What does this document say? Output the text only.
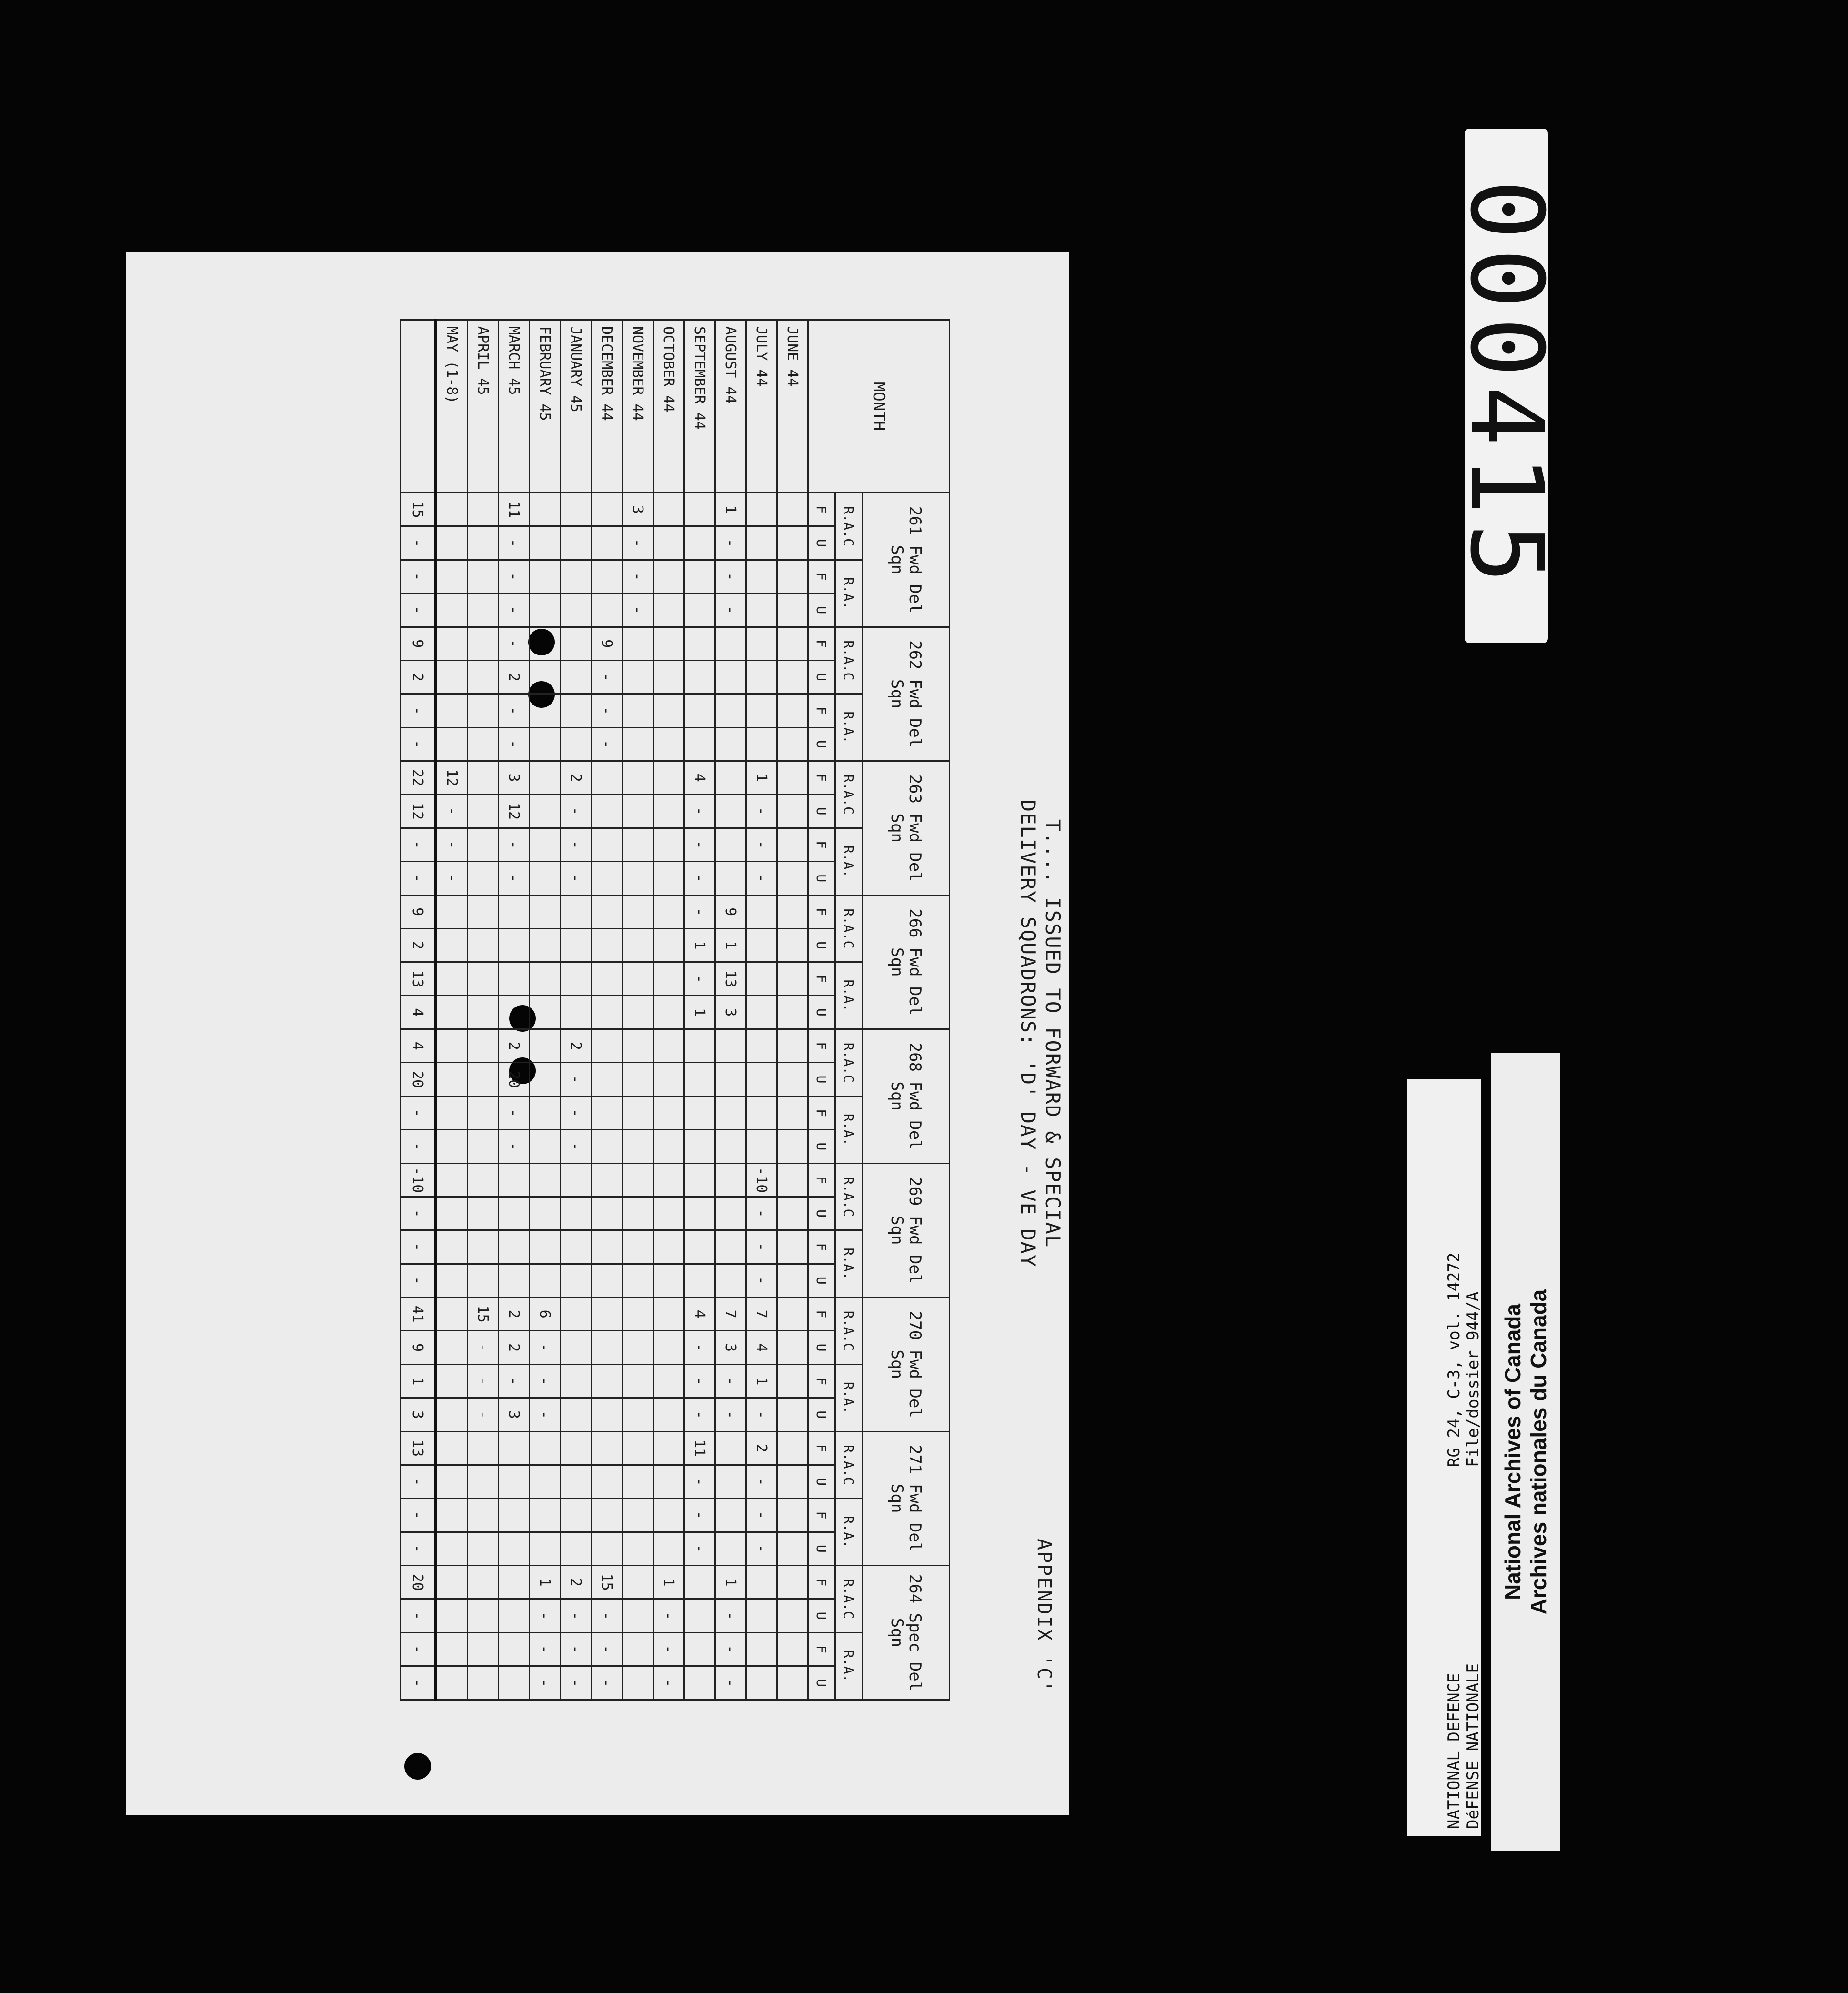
T.... ISSUED TO FORWARD & SPECIAL
DELIVERY SQUADRONS: 'D' DAY - VE DAY
APPENDIX 'C'
MONTH	261 Fwd Del Sqn				262 Fwd Del Sqn				263 Fwd Del Sqn				266 Fwd Del Sqn				268 Fwd Del Sqn				269 Fwd Del Sqn				270 Fwd Del Sqn				271 Fwd Del Sqn				264 Spec Del Sqn			
	R.A.C		R.A.		R.A.C		R.A.		R.A.C		R.A.		R.A.C		R.A.		R.A.C		R.A.		R.A.C		R.A.		R.A.C		R.A.		R.A.C		R.A.		R.A.C		R.A.	
	F	U	F	U	F	U	F	U	F	U	F	U	F	U	F	U	F	U	F	U	F	U	F	U	F	U	F	U	F	U	F	U	F	U	F	U
JUNE 44																																				
JULY 44									1	-	-	-									-10	-	-	-	7	4	1	-	2	-	-	-				
AUGUST 44	1	-	-	-									9	1	13	3									7	3	-	-					1	-	-	-
SEPTEMBER 44									4	-	-	-	-	1	-	1									4	-	-	-	11	-	-	-				
OCTOBER 44																																	1	-	-	-
NOVEMBER 44	3	-	-	-																																
DECEMBER 44					9	-	-	-																									15	-	-	-
JANUARY 45									2	-	-	-					2	-	-	-													2	-	-	-
FEBRUARY 45																									6	-	-	-					1	-	-	-
MARCH 45	11	-	-	-	-	2	-	-	3	12	-	-					2	20	-	-					2	2	-	3								
APRIL 45																									15	-	-	-								
MAY (1-8)									12	-	-	-																								
	15	-	-	-	9	2	-	-	22	12	-	-	9	2	13	4	4	20	-	-	-10	-	-	-	41	9	1	3	13	-	-	-	20	-	-	-
000415
NATIONAL DEFENCE DéFENSE NATIONALE
RG 24, C-3, vol. 14272 File/dossier 944/A National Archives of Canada Archives nationales du Canada
